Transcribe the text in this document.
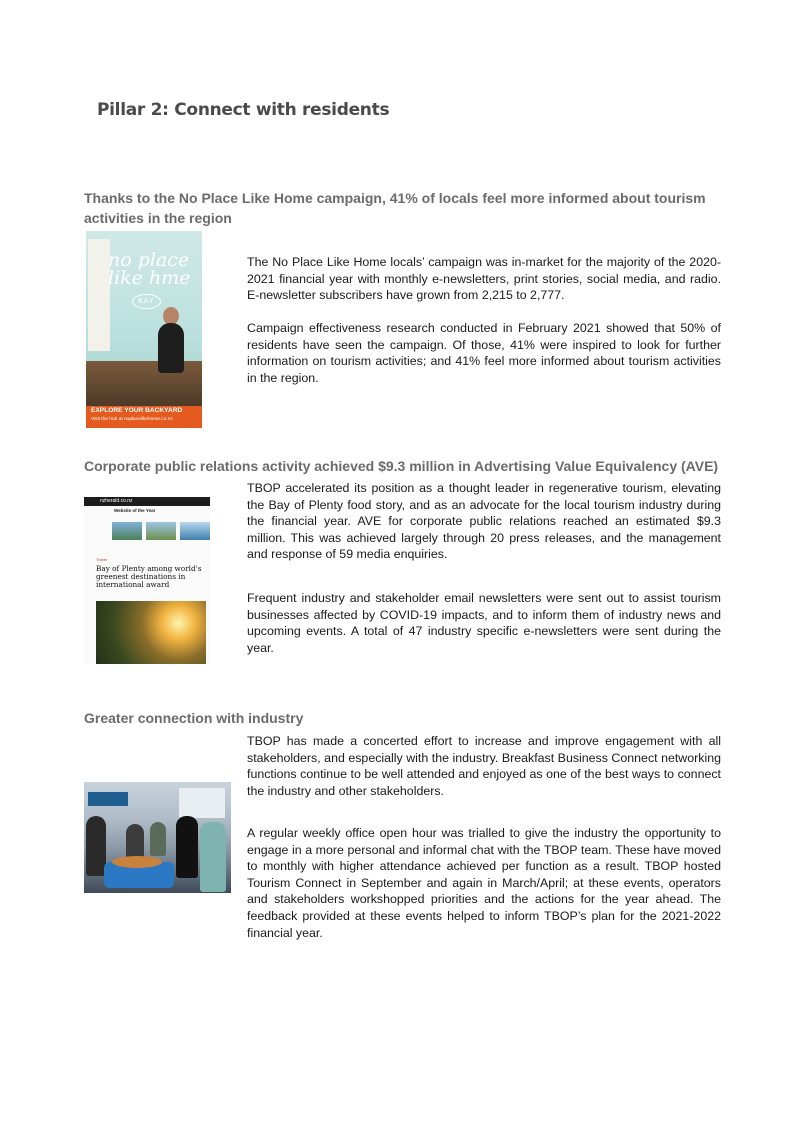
Pillar 2: Connect with residents
Thanks to the No Place Like Home campaign, 41% of locals feel more informed about tourism
activities in the region
no place
like hme
BAY
EXPLORE YOUR BACKYARD
Visit the hub at noplacelikehome.co.nz
The No Place Like Home locals’ campaign was in-market for the majority of the 2020-2021 financial year with monthly e-newsletters, print stories, social media, and radio. E-newsletter subscribers have grown from 2,215 to 2,777.
Campaign effectiveness research conducted in February 2021 showed that 50% of residents have seen the campaign. Of those, 41% were inspired to look for further information on tourism activities; and 41% feel more informed about tourism activities in the region.
Corporate public relations activity achieved $9.3 million in Advertising Value Equivalency (AVE)
nzherald.co.nz
Website of the Year
Travel
Bay of Plenty among world's greenest destinations in international award
TBOP accelerated its position as a thought leader in regenerative tourism, elevating the Bay of Plenty food story, and as an advocate for the local tourism industry during the financial year. AVE for corporate public relations reached an estimated $9.3 million. This was achieved largely through 20 press releases, and the management and response of 59 media enquiries.
Frequent industry and stakeholder email newsletters were sent out to assist tourism businesses affected by COVID-19 impacts, and to inform them of industry news and upcoming events. A total of 47 industry specific e-newsletters were sent during the year.
Greater connection with industry
TBOP has made a concerted effort to increase and improve engagement with all stakeholders, and especially with the industry. Breakfast Business Connect networking functions continue to be well attended and enjoyed as one of the best ways to connect the industry and other stakeholders.
A regular weekly office open hour was trialled to give the industry the opportunity to engage in a more personal and informal chat with the TBOP team. These have moved to monthly with higher attendance achieved per function as a result. TBOP hosted Tourism Connect in September and again in March/April; at these events, operators and stakeholders workshopped priorities and the actions for the year ahead. The feedback provided at these events helped to inform TBOP’s plan for the 2021-2022 financial year.
